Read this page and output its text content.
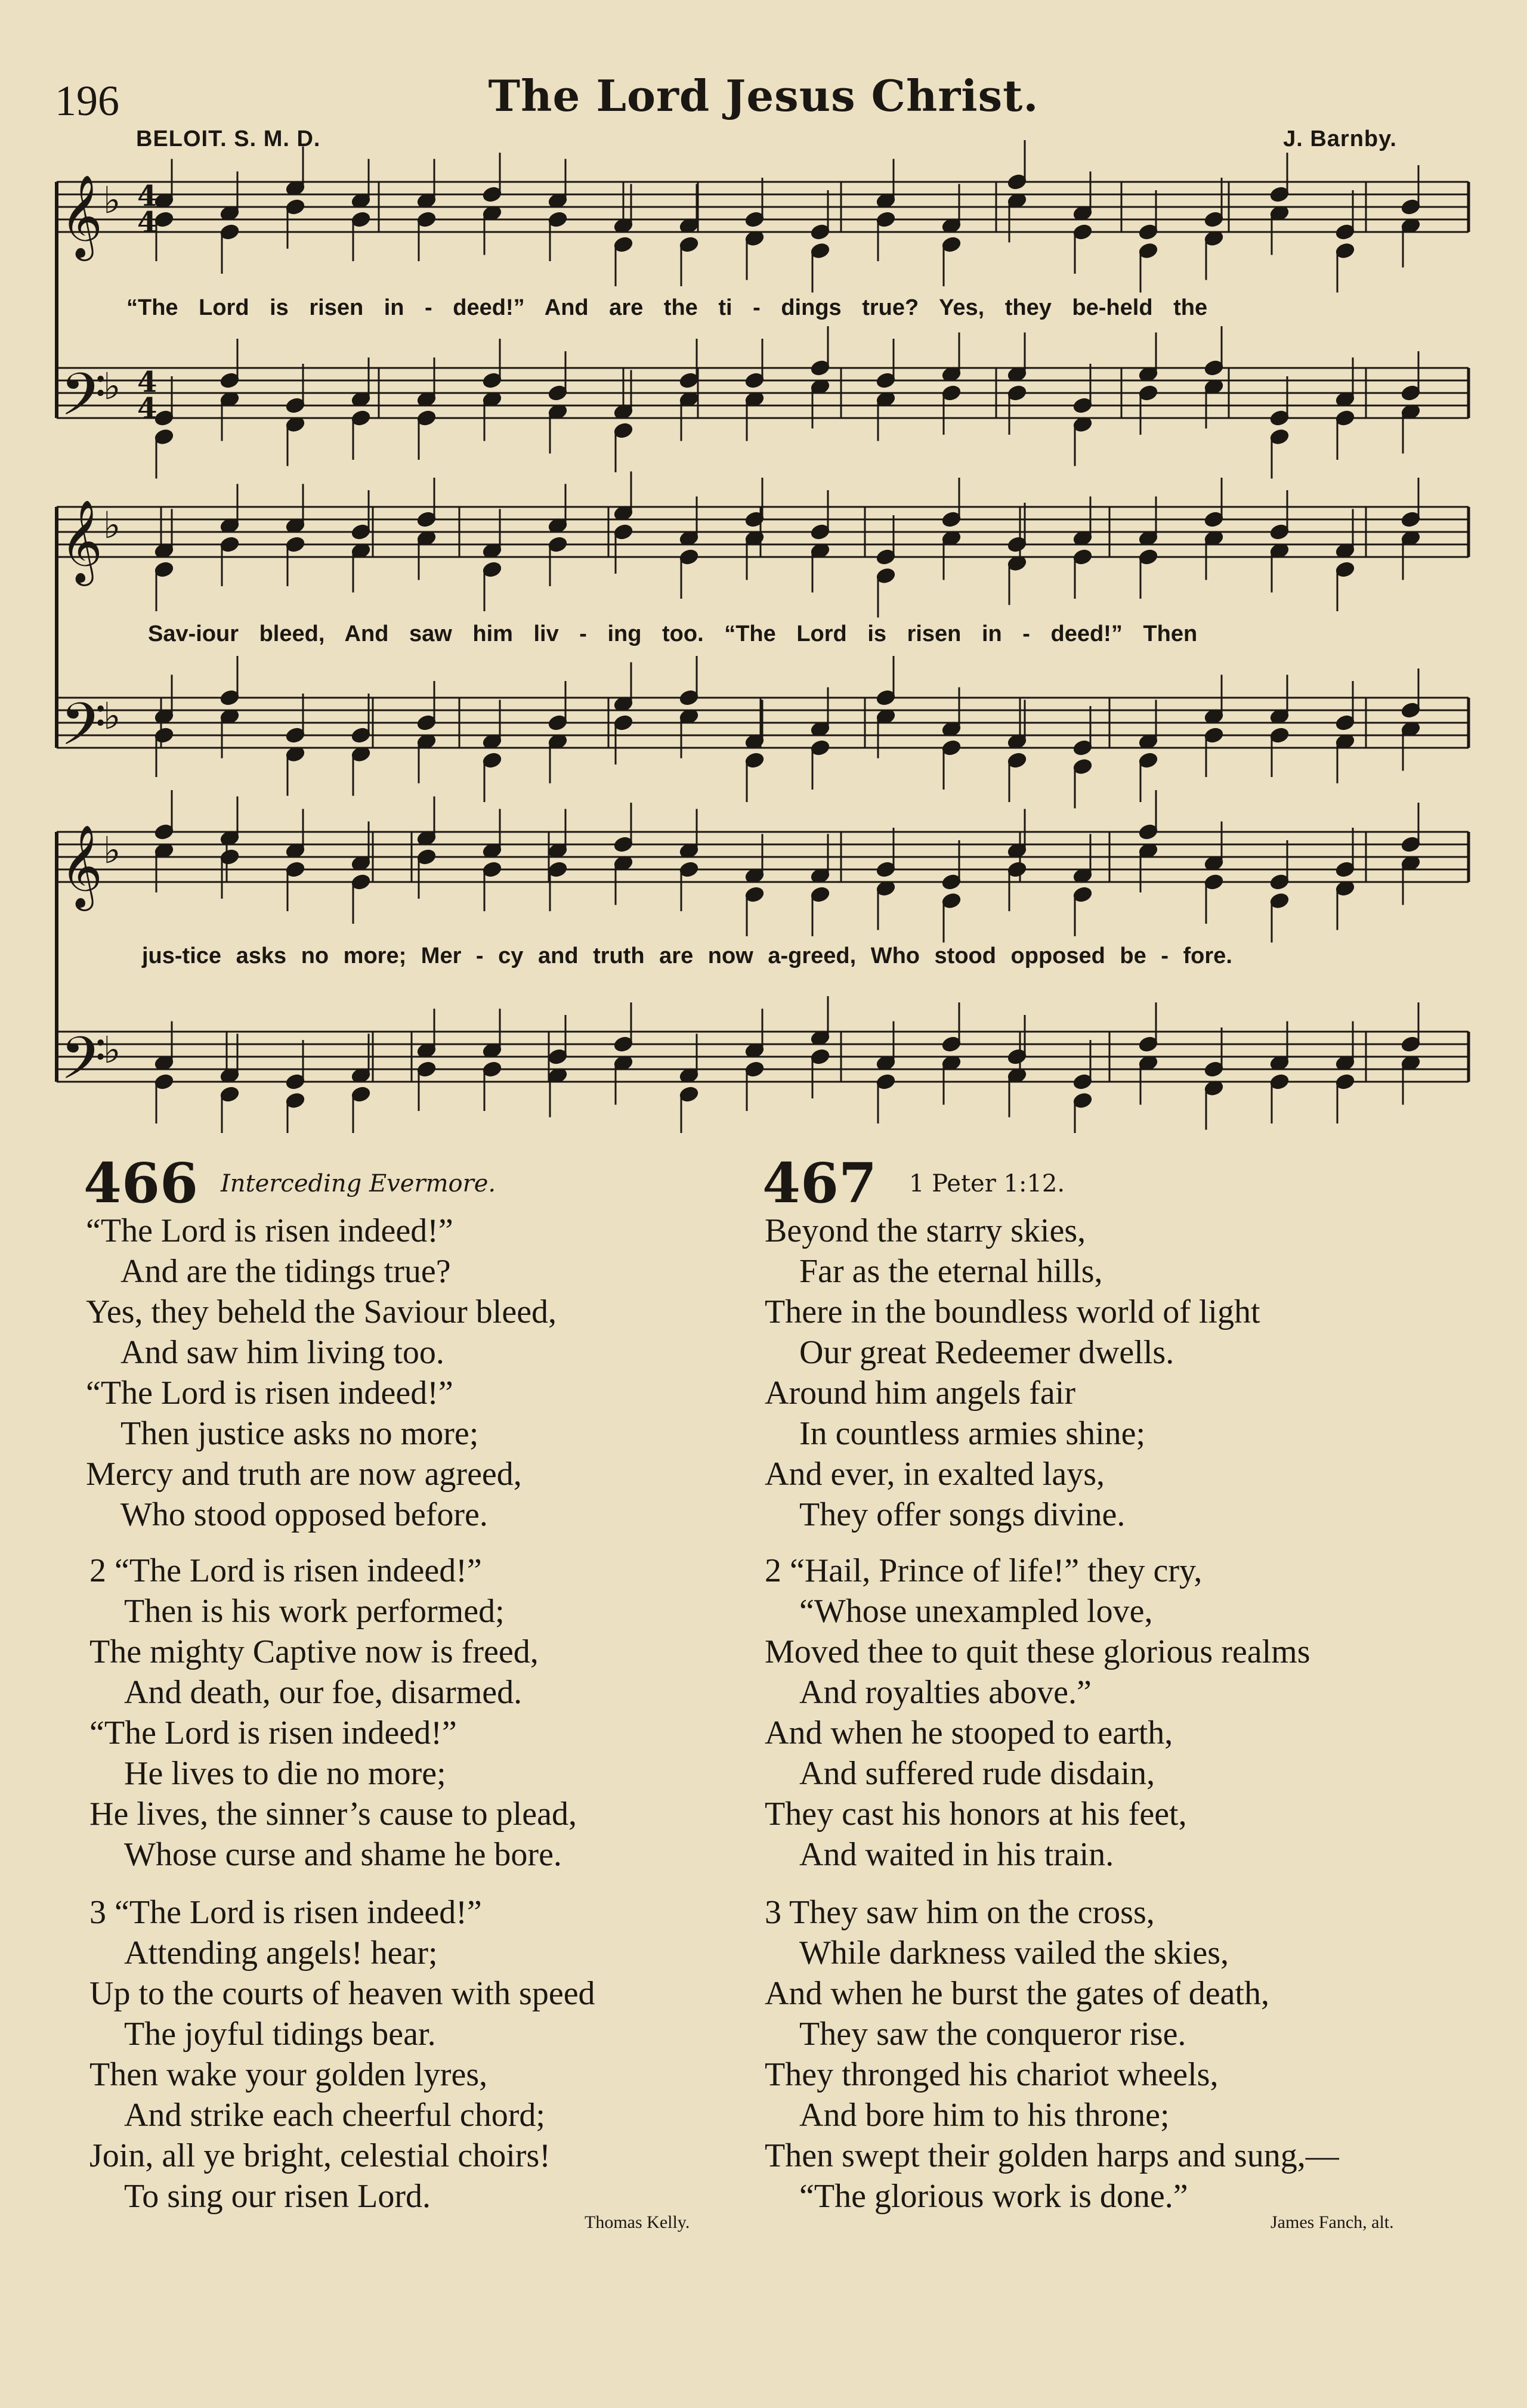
196	The Lord Jesus Christ.
BELOIT. S. M. D.	J. Barnby.
𝄞 ♭
𝄢
♭
𝄞 ♭
𝄢
♭
𝄞 ♭
𝄢
♭
4
4
4
4
“The Lord is risen in - deed!” And are the ti - dings true? Yes, they be-held the
Sav-iour bleed, And saw him liv - ing too. “The Lord is risen in - deed!” Then
jus-tice asks no more; Mer - cy and truth are now a-greed, Who stood opposed be - fore.
466 Interceding Evermore.
“The Lord is risen indeed!”
And are the tidings true?
Yes, they beheld the Saviour bleed,
And saw him living too.
“The Lord is risen indeed!”
Then justice asks no more;
Mercy and truth are now agreed,
Who stood opposed before.
2 “The Lord is risen indeed!”
Then is his work performed;
The mighty Captive now is freed,
And death, our foe, disarmed.
“The Lord is risen indeed!”
He lives to die no more;
He lives, the sinner’s cause to plead,
Whose curse and shame he bore.
3 “The Lord is risen indeed!”
Attending angels! hear;
Up to the courts of heaven with speed
The joyful tidings bear.
Then wake your golden lyres,
And strike each cheerful chord;
Join, all ye bright, celestial choirs!
To sing our risen Lord.
Thomas Kelly.
467 1 Peter 1:12.
Beyond the starry skies,
Far as the eternal hills,
There in the boundless world of light
Our great Redeemer dwells.
Around him angels fair
In countless armies shine;
And ever, in exalted lays,
They offer songs divine.
2 “Hail, Prince of life!” they cry,
“Whose unexampled love,
Moved thee to quit these glorious realms
And royalties above.”
And when he stooped to earth,
And suffered rude disdain,
They cast his honors at his feet,
And waited in his train.
3 They saw him on the cross,
While darkness vailed the skies,
And when he burst the gates of death,
They saw the conqueror rise.
They thronged his chariot wheels,
And bore him to his throne;
Then swept their golden harps and sung,—
“The glorious work is done.”
James Fanch, alt.
